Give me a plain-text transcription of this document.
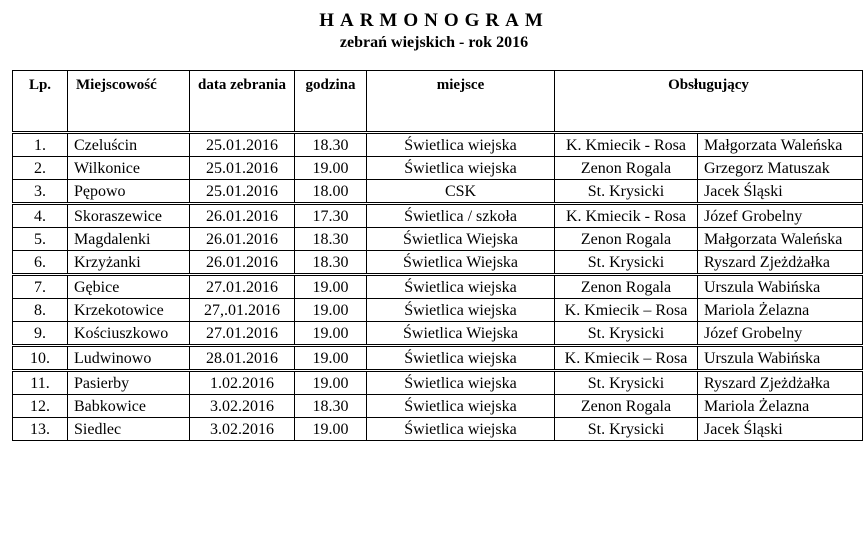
HARMONOGRAM
zebrań wiejskich - rok 2016
Lp.	Miejscowość	data zebrania	godzina	miejsce	Obsługujący	
1.	Czeluścin	25.01.2016	18.30	Świetlica wiejska	K. Kmiecik - Rosa	Małgorzata Waleńska
2.	Wilkonice	25.01.2016	19.00	Świetlica wiejska	Zenon Rogala	Grzegorz Matuszak
3.	Pępowo	25.01.2016	18.00	CSK	St. Krysicki	Jacek Śląski
4.	Skoraszewice	26.01.2016	17.30	Świetlica / szkoła	K. Kmiecik - Rosa	Józef Grobelny
5.	Magdalenki	26.01.2016	18.30	Świetlica Wiejska	Zenon Rogala	Małgorzata Waleńska
6.	Krzyżanki	26.01.2016	18.30	Świetlica Wiejska	St. Krysicki	Ryszard Zjeżdżałka
7.	Gębice	27.01.2016	19.00	Świetlica wiejska	Zenon Rogala	Urszula Wabińska
8.	Krzekotowice	27,.01.2016	19.00	Świetlica wiejska	K. Kmiecik – Rosa	Mariola Żelazna
9.	Kościuszkowo	27.01.2016	19.00	Świetlica Wiejska	St. Krysicki	Józef Grobelny
10.	Ludwinowo	28.01.2016	19.00	Świetlica wiejska	K. Kmiecik – Rosa	Urszula Wabińska
11.	Pasierby	1.02.2016	19.00	Świetlica wiejska	St. Krysicki	Ryszard Zjeżdżałka
12.	Babkowice	3.02.2016	18.30	Świetlica wiejska	Zenon Rogala	Mariola Żelazna
13.	Siedlec	3.02.2016	19.00	Świetlica wiejska	St. Krysicki	Jacek Śląski
